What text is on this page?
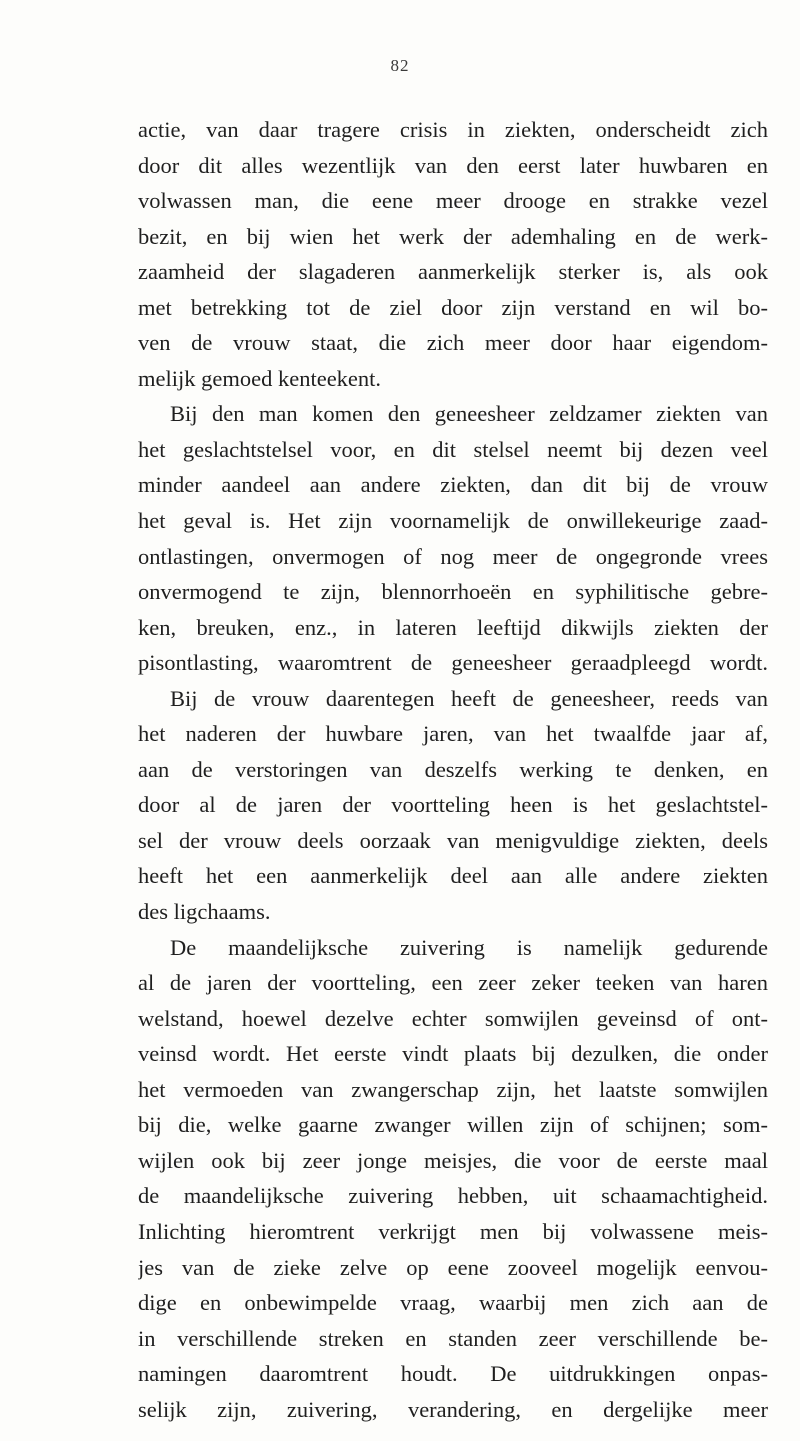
82
actie, van daar tragere crisis in ziekten, onderscheidt zich
door dit alles wezentlijk van den eerst later huwbaren en
volwassen man, die eene meer drooge en strakke vezel
bezit, en bij wien het werk der ademhaling en de werk-
zaamheid der slagaderen aanmerkelijk sterker is, als ook
met betrekking tot de ziel door zijn verstand en wil bo-
ven de vrouw staat, die zich meer door haar eigendom-
melijk gemoed kenteekent.
Bij den man komen den geneesheer zeldzamer ziekten van
het geslachtstelsel voor, en dit stelsel neemt bij dezen veel
minder aandeel aan andere ziekten, dan dit bij de vrouw
het geval is. Het zijn voornamelijk de onwillekeurige zaad-
ontlastingen, onvermogen of nog meer de ongegronde vrees
onvermogend te zijn, blennorrhoeën en syphilitische gebre-
ken, breuken, enz., in lateren leeftijd dikwijls ziekten der
pisontlasting, waaromtrent de geneesheer geraadpleegd wordt.
Bij de vrouw daarentegen heeft de geneesheer, reeds van
het naderen der huwbare jaren, van het twaalfde jaar af,
aan de verstoringen van deszelfs werking te denken, en
door al de jaren der voortteling heen is het geslachtstel-
sel der vrouw deels oorzaak van menigvuldige ziekten, deels
heeft het een aanmerkelijk deel aan alle andere ziekten
des ligchaams.
De maandelijksche zuivering is namelijk gedurende
al de jaren der voortteling, een zeer zeker teeken van haren
welstand, hoewel dezelve echter somwijlen geveinsd of ont-
veinsd wordt. Het eerste vindt plaats bij dezulken, die onder
het vermoeden van zwangerschap zijn, het laatste somwijlen
bij die, welke gaarne zwanger willen zijn of schijnen; som-
wijlen ook bij zeer jonge meisjes, die voor de eerste maal
de maandelijksche zuivering hebben, uit schaamachtigheid.
Inlichting hieromtrent verkrijgt men bij volwassene meis-
jes van de zieke zelve op eene zooveel mogelijk eenvou-
dige en onbewimpelde vraag, waarbij men zich aan de
in verschillende streken en standen zeer verschillende be-
namingen daaromtrent houdt. De uitdrukkingen onpas-
selijk zijn, zuivering, verandering, en dergelijke meer
